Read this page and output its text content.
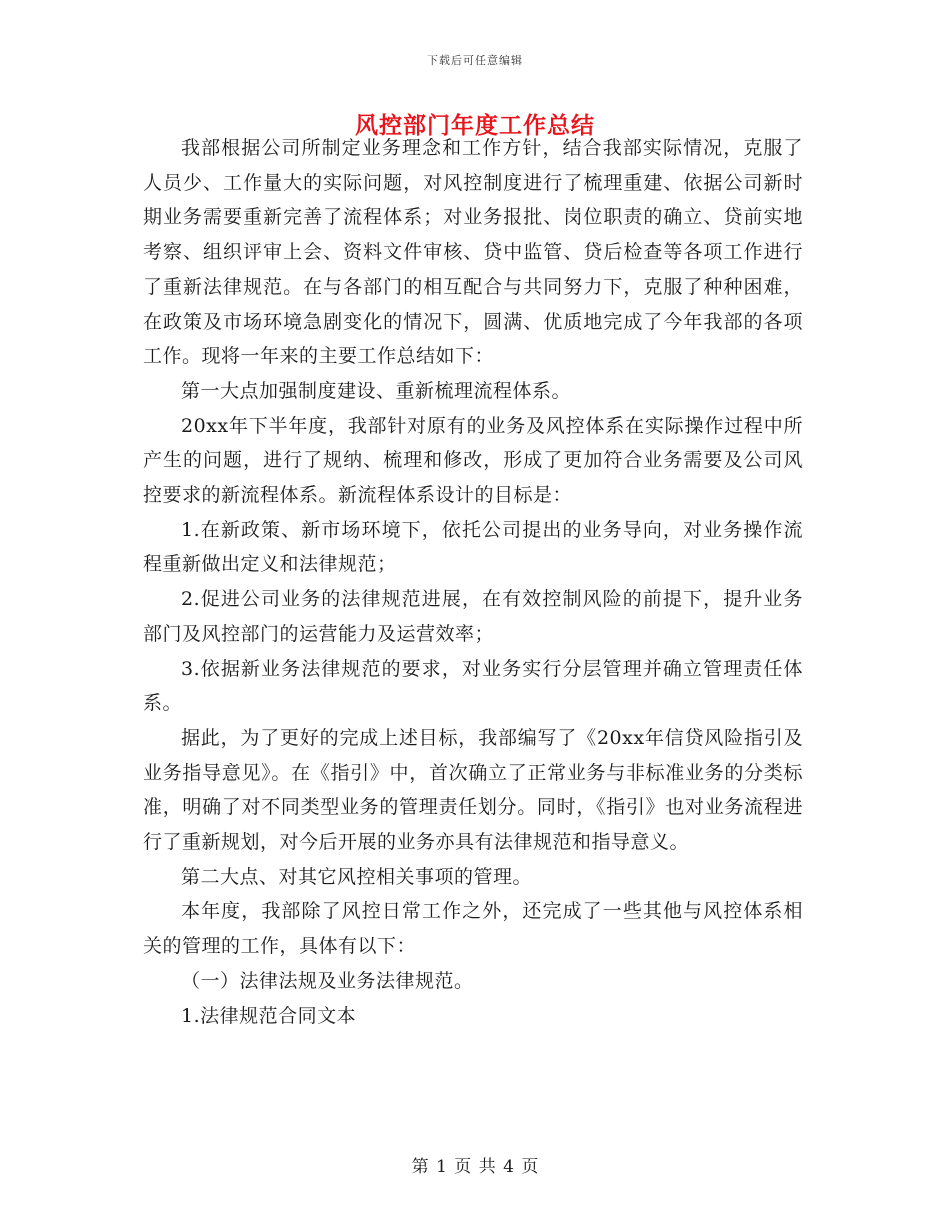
下载后可任意编辑
风控部门年度工作总结

我部根据公司所制定业务理念和工作方针，结合我部实际情况，克服了人员少、工作量大的实际问题，对风控制度进行了梳理重建、依据公司新时期业务需要重新完善了流程体系；对业务报批、岗位职责的确立、贷前实地考察、组织评审上会、资料文件审核、贷中监管、贷后检查等各项工作进行了重新法律规范。在与各部门的相互配合与共同努力下，克服了种种困难，在政策及市场环境急剧变化的情况下，圆满、优质地完成了今年我部的各项工作。现将一年来的主要工作总结如下：

第一大点加强制度建设、重新梳理流程体系。

20xx年下半年度，我部针对原有的业务及风控体系在实际操作过程中所产生的问题，进行了规纳、梳理和修改，形成了更加符合业务需要及公司风控要求的新流程体系。新流程体系设计的目标是：

1.在新政策、新市场环境下，依托公司提出的业务导向，对业务操作流程重新做出定义和法律规范；

2.促进公司业务的法律规范进展，在有效控制风险的前提下，提升业务部门及风控部门的运营能力及运营效率；

3.依据新业务法律规范的要求，对业务实行分层管理并确立管理责任体系。

据此，为了更好的完成上述目标，我部编写了《20xx年信贷风险指引及业务指导意见》。在《指引》中，首次确立了正常业务与非标准业务的分类标准，明确了对不同类型业务的管理责任划分。同时，《指引》也对业务流程进行了重新规划，对今后开展的业务亦具有法律规范和指导意义。

第二大点、对其它风控相关事项的管理。

本年度，我部除了风控日常工作之外，还完成了一些其他与风控体系相关的管理的工作，具体有以下：

（一）法律法规及业务法律规范。

1.法律规范合同文本

第 1 页 共 4 页
